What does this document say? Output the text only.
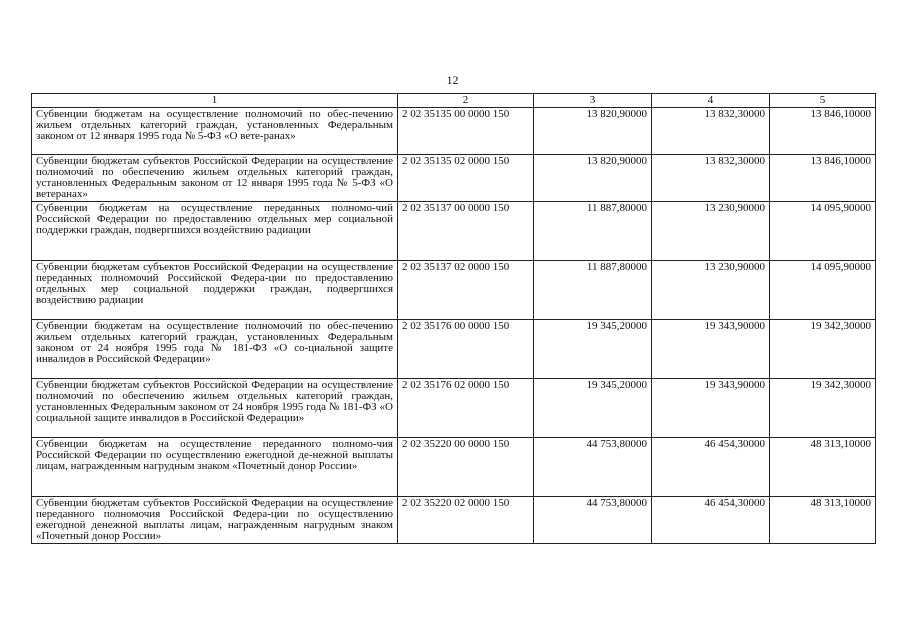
12
1	2	3	4	5

Субвенции бюджетам на осуществление полномочий по обес-печению жильем отдельных категорий граждан, установленных Федеральным законом от 12 января 1995 года № 5-ФЗ «О вете-ранах»	2 02 35135 00 0000 150	13 820,90000	13 832,30000	13 846,10000

Субвенции бюджетам субъектов Российской Федерации на осуществление полномочий по обеспечению жильем отдельных категорий граждан, установленных Федеральным законом от 12 января 1995 года № 5-ФЗ «О ветеранах»	2 02 35135 02 0000 150	13 820,90000	13 832,30000	13 846,10000

Субвенции бюджетам на осуществление переданных полномо-чий Российской Федерации по предоставлению отдельных мер социальной поддержки граждан, подвергшихся воздействию радиации	2 02 35137 00 0000 150	11 887,80000	13 230,90000	14 095,90000

Субвенции бюджетам субъектов Российской Федерации на осуществление переданных полномочий Российской Федера-ции по предоставлению отдельных мер социальной поддержки граждан, подвергшихся воздействию радиации	2 02 35137 02 0000 150	11 887,80000	13 230,90000	14 095,90000

Субвенции бюджетам на осуществление полномочий по обес-печению жильем отдельных категорий граждан, установленных Федеральным законом от 24 ноября 1995 года № 181-ФЗ «О со-циальной защите инвалидов в Российской Федерации»	2 02 35176 00 0000 150	19 345,20000	19 343,90000	19 342,30000

Субвенции бюджетам субъектов Российской Федерации на осуществление полномочий по обеспечению жильем отдельных категорий граждан, установленных Федеральным законом от 24 ноября 1995 года № 181-ФЗ «О социальной защите инвалидов в Российской Федерации»	2 02 35176 02 0000 150	19 345,20000	19 343,90000	19 342,30000

Субвенции бюджетам на осуществление переданного полномо-чия Российской Федерации по осуществлению ежегодной де-нежной выплаты лицам, награжденным нагрудным знаком «Почетный донор России»	2 02 35220 00 0000 150	44 753,80000	46 454,30000	48 313,10000

Субвенции бюджетам субъектов Российской Федерации на осуществление переданного полномочия Российской Федера-ции по осуществлению ежегодной денежной выплаты лицам, награжденным нагрудным знаком «Почетный донор России»	2 02 35220 02 0000 150	44 753,80000	46 454,30000	48 313,10000
